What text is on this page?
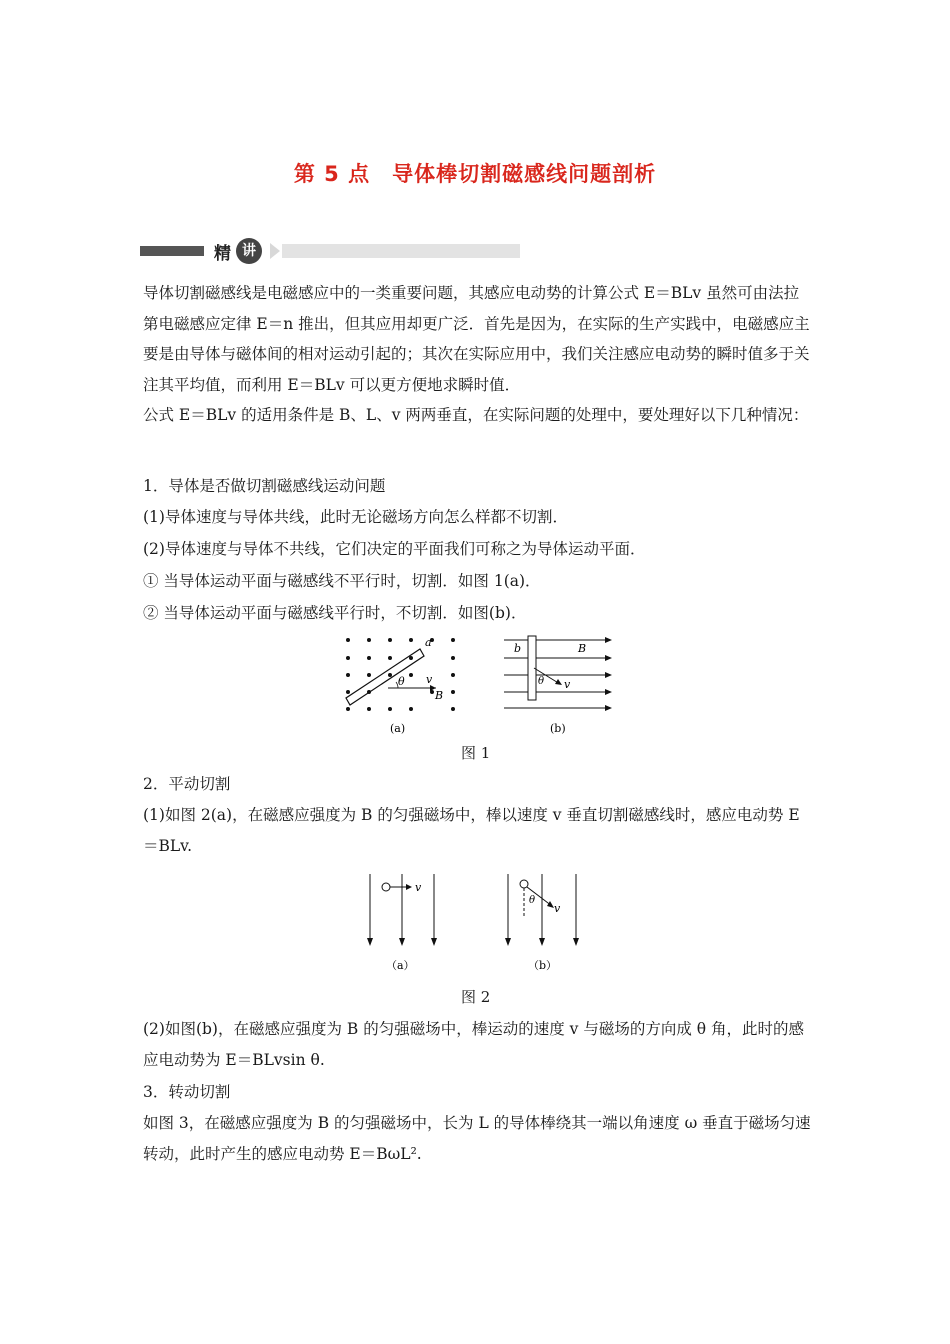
第 5 点　导体棒切割磁感线问题剖析
精 讲

导体切割磁感线是电磁感应中的一类重要问题，其感应电动势的计算公式 E＝BLv 虽然可由法拉第电磁感应定律 E＝n 推出，但其应用却更广泛．首先是因为，在实际的生产实践中，电磁感应主要是由导体与磁体间的相对运动引起的；其次在实际应用中，我们关注感应电动势的瞬时值多于关注其平均值，而利用 E＝BLv 可以更方便地求瞬时值．

公式 E＝BLv 的适用条件是 B、L、v 两两垂直，在实际问题的处理中，要处理好以下几种情况：

1．导体是否做切割磁感线运动问题

(1)导体速度与导体共线，此时无论磁场方向怎么样都不切割．

(2)导体速度与导体不共线，它们决定的平面我们可称之为导体运动平面．

① 当导体运动平面与磁感线不平行时，切割．如图 1(a)．

② 当导体运动平面与磁感线平行时，不切割．如图(b)．

a
θ v
B
(a)
b	B
θ v
(b)
图 1

2．平动切割

(1)如图 2(a)，在磁感应强度为 B 的匀强磁场中，棒以速度 v 垂直切割磁感线时，感应电动势 E＝BLv.

v
（a）
θ
v
（b）
图 2

(2)如图(b)，在磁感应强度为 B 的匀强磁场中，棒运动的速度 v 与磁场的方向成 θ 角，此时的感应电动势为 E＝BLvsin θ.

3．转动切割

如图 3，在磁感应强度为 B 的匀强磁场中，长为 L 的导体棒绕其一端以角速度 ω 垂直于磁场匀速转动，此时产生的感应电动势 E＝BωL².
